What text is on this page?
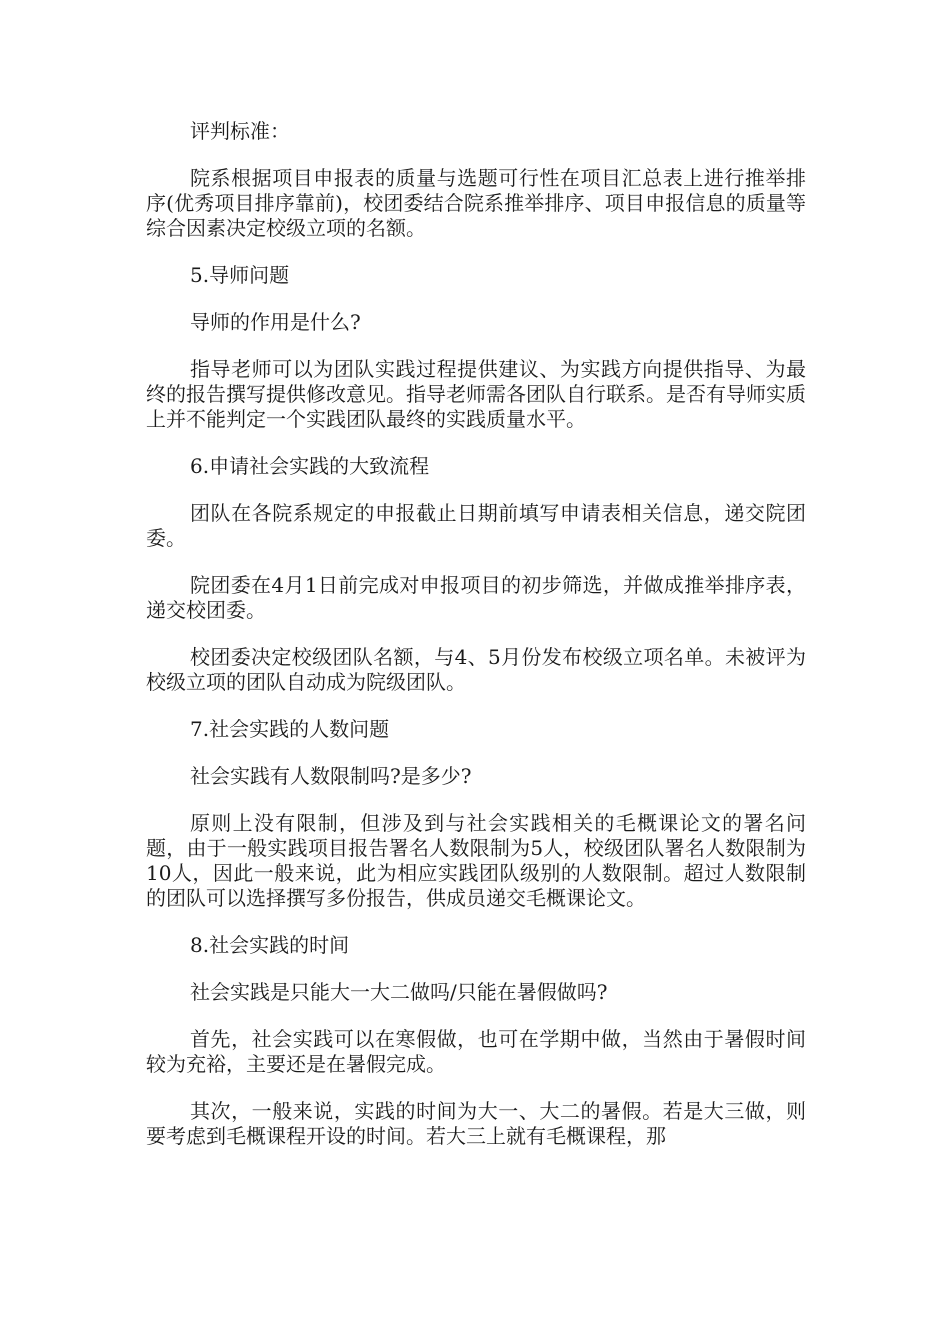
评判标准：

院系根据项目申报表的质量与选题可行性在项目汇总表上进行推举排序(优秀项目排序靠前)，校团委结合院系推举排序、项目申报信息的质量等综合因素决定校级立项的名额。

5.导师问题

导师的作用是什么?

指导老师可以为团队实践过程提供建议、为实践方向提供指导、为最终的报告撰写提供修改意见。指导老师需各团队自行联系。是否有导师实质上并不能判定一个实践团队最终的实践质量水平。

6.申请社会实践的大致流程

团队在各院系规定的申报截止日期前填写申请表相关信息，递交院团委。

院团委在4月1日前完成对申报项目的初步筛选，并做成推举排序表，递交校团委。

校团委决定校级团队名额，与4、5月份发布校级立项名单。未被评为校级立项的团队自动成为院级团队。

7.社会实践的人数问题

社会实践有人数限制吗?是多少?

原则上没有限制，但涉及到与社会实践相关的毛概课论文的署名问题，由于一般实践项目报告署名人数限制为5人，校级团队署名人数限制为10人，因此一般来说，此为相应实践团队级别的人数限制。超过人数限制的团队可以选择撰写多份报告，供成员递交毛概课论文。

8.社会实践的时间

社会实践是只能大一大二做吗/只能在暑假做吗?

首先，社会实践可以在寒假做，也可在学期中做，当然由于暑假时间较为充裕，主要还是在暑假完成。

其次，一般来说，实践的时间为大一、大二的暑假。若是大三做，则要考虑到毛概课程开设的时间。若大三上就有毛概课程，那
